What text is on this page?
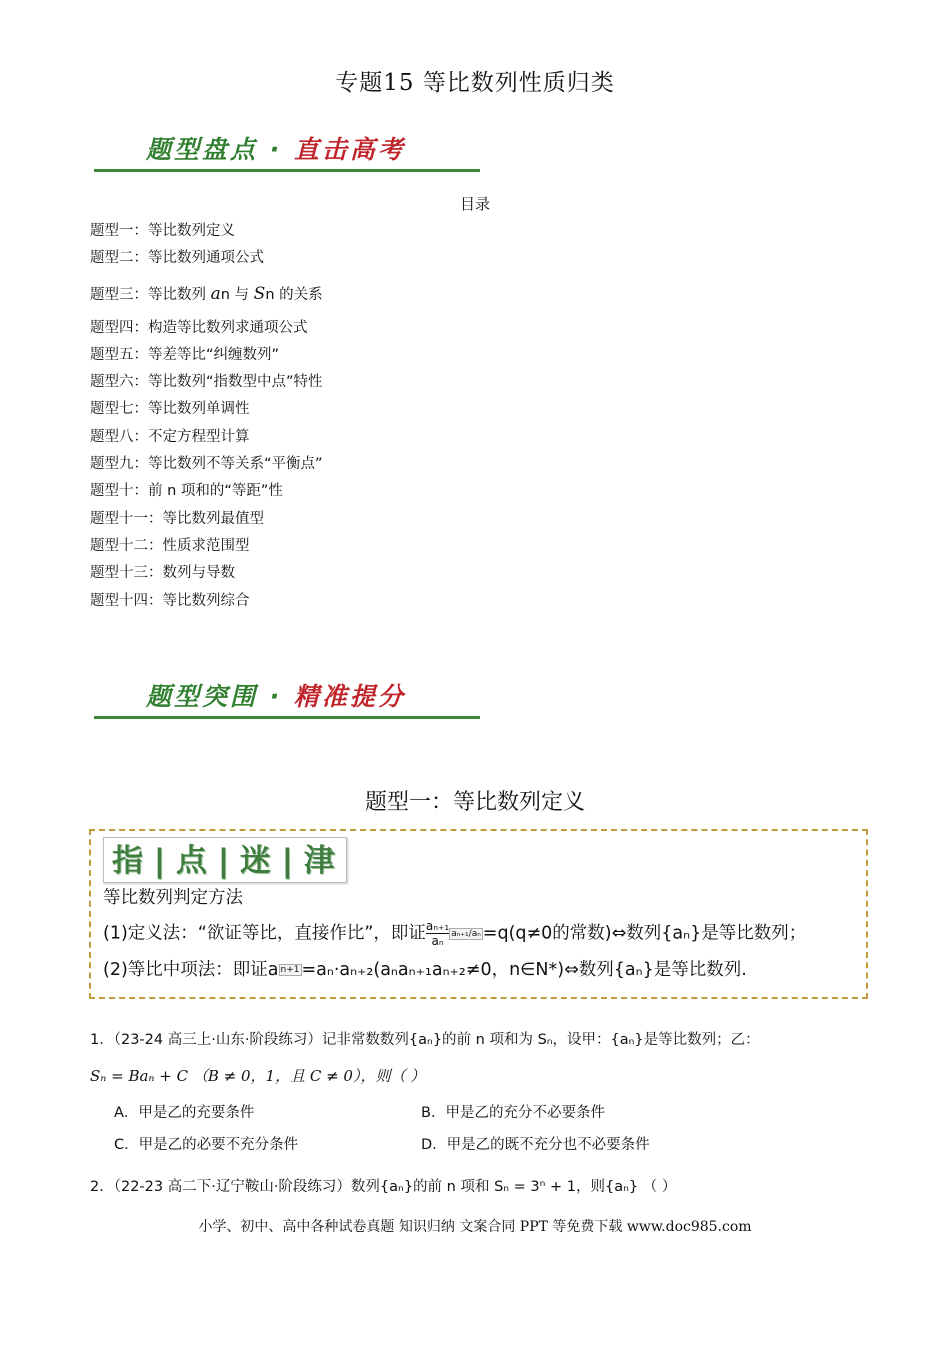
专题15 等比数列性质归类
题型盘点 · 直击高考
目录
题型一：等比数列定义
题型二：等比数列通项公式
题型三：等比数列 an 与 Sn 的关系
题型四：构造等比数列求通项公式
题型五：等差等比“纠缠数列”
题型六：等比数列“指数型中点”特性
题型七：等比数列单调性
题型八：不定方程型计算
题型九：等比数列不等关系“平衡点”
题型十：前 n 项和的“等距”性
题型十一：等比数列最值型
题型十二：性质求范围型
题型十三：数列与导数
题型十四：等比数列综合
题型突围 · 精准提分
题型一：等比数列定义
指 | 点 | 迷 | 津
等比数列判定方法
(1)定义法：“欲证等比，直接作比”，即证 $\frac{\text{aₙ₊₁}}{\text{aₙ}} a_{n+1}/a_n =q(q\ne 0$的常数)⇔数列{aₙ}是等比数列；
(2)等比中项法：即证a n+1 =aₙ·aₙ₊₂(aₙaₙ₊₁aₙ₊₂≠0，n∈N*)⇔数列{aₙ}是等比数列.
1．（23-24 高三上·山东·阶段练习）记非常数数列{aₙ}的前 n 项和为 Sₙ，设甲：{aₙ}是等比数列；乙：
Sₙ = Baₙ + C （B ≠ 0，1，且 C ≠ 0），则（ ）
A．甲是乙的充要条件	B．甲是乙的充分不必要条件
C．甲是乙的必要不充分条件	D．甲是乙的既不充分也不必要条件
2．（22-23 高二下·辽宁鞍山·阶段练习）数列{aₙ}的前 n 项和 Sₙ = 3ⁿ + 1，则{aₙ} （ ）
小学、初中、高中各种试卷真题 知识归纳 文案合同 PPT 等免费下载 www.doc985.com
